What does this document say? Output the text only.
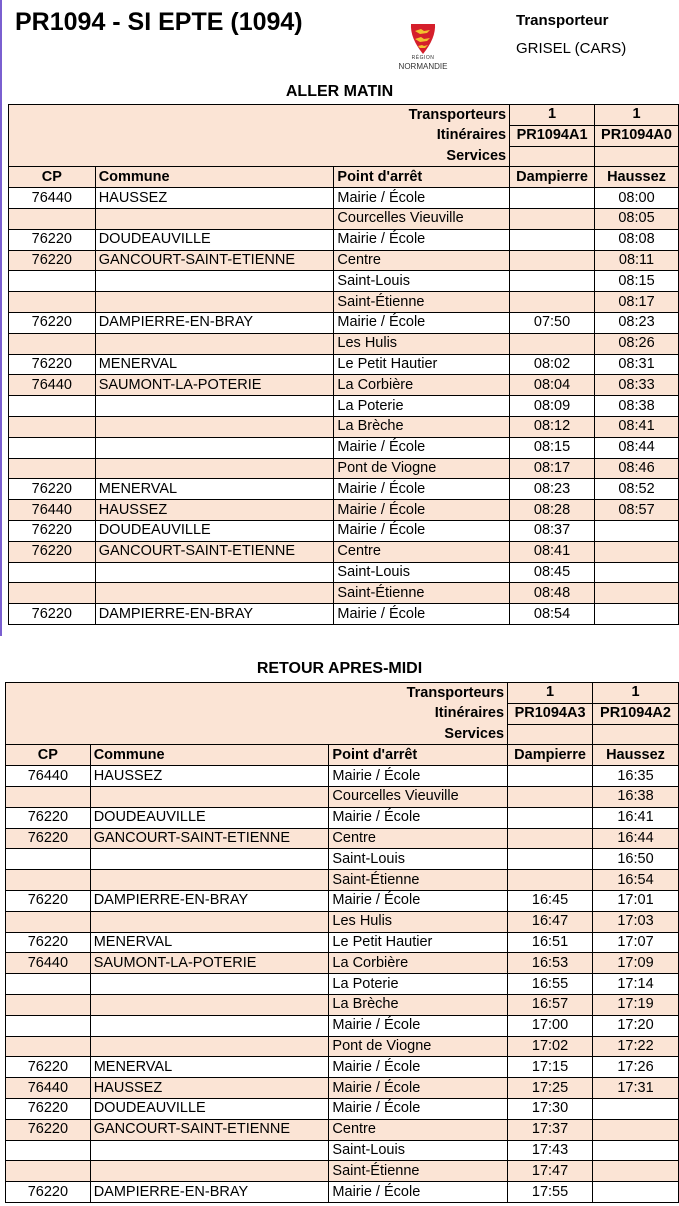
PR1094 - SI EPTE (1094)
RÉGION
NORMANDIE
Transporteur
GRISEL (CARS)
ALLER MATIN
Transporteurs			1	1
Itinéraires			PR1094A1	PR1094A0
Services				
CP	Commune	Point d'arrêt	Dampierre	Haussez
76440	HAUSSEZ	Mairie / École		08:00
		Courcelles Vieuville		08:05
76220	DOUDEAUVILLE	Mairie / École		08:08
76220	GANCOURT-SAINT-ETIENNE	Centre		08:11
		Saint-Louis		08:15
		Saint-Étienne		08:17
76220	DAMPIERRE-EN-BRAY	Mairie / École	07:50	08:23
		Les Hulis		08:26
76220	MENERVAL	Le Petit Hautier	08:02	08:31
76440	SAUMONT-LA-POTERIE	La Corbière	08:04	08:33
		La Poterie	08:09	08:38
		La Brèche	08:12	08:41
		Mairie / École	08:15	08:44
		Pont de Viogne	08:17	08:46
76220	MENERVAL	Mairie / École	08:23	08:52
76440	HAUSSEZ	Mairie / École	08:28	08:57
76220	DOUDEAUVILLE	Mairie / École	08:37	
76220	GANCOURT-SAINT-ETIENNE	Centre	08:41	
		Saint-Louis	08:45	
		Saint-Étienne	08:48	
76220	DAMPIERRE-EN-BRAY	Mairie / École	08:54	
RETOUR APRES-MIDI
Transporteurs			1	1
Itinéraires			PR1094A3	PR1094A2
Services				
CP	Commune	Point d'arrêt	Dampierre	Haussez
76440	HAUSSEZ	Mairie / École		16:35
		Courcelles Vieuville		16:38
76220	DOUDEAUVILLE	Mairie / École		16:41
76220	GANCOURT-SAINT-ETIENNE	Centre		16:44
		Saint-Louis		16:50
		Saint-Étienne		16:54
76220	DAMPIERRE-EN-BRAY	Mairie / École	16:45	17:01
		Les Hulis	16:47	17:03
76220	MENERVAL	Le Petit Hautier	16:51	17:07
76440	SAUMONT-LA-POTERIE	La Corbière	16:53	17:09
		La Poterie	16:55	17:14
		La Brèche	16:57	17:19
		Mairie / École	17:00	17:20
		Pont de Viogne	17:02	17:22
76220	MENERVAL	Mairie / École	17:15	17:26
76440	HAUSSEZ	Mairie / École	17:25	17:31
76220	DOUDEAUVILLE	Mairie / École	17:30	
76220	GANCOURT-SAINT-ETIENNE	Centre	17:37	
		Saint-Louis	17:43	
		Saint-Étienne	17:47	
76220	DAMPIERRE-EN-BRAY	Mairie / École	17:55	
